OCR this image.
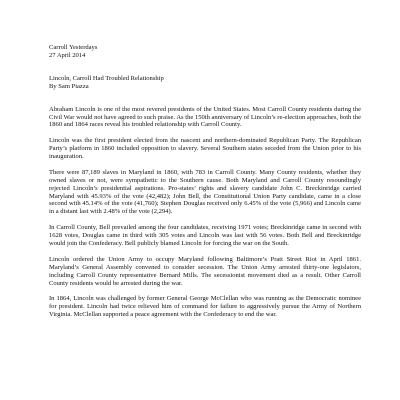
Carroll Yesterdays
27 April 2014
Lincoln, Carroll Had Troubled Relationship
By Sam Piazza
Abraham Lincoln is one of the most revered presidents of the United States. Most Carroll County residents during the Civil War would not have agreed to such praise. As the 150th anniversary of Lincoln’s re-election approaches, both the 1860 and 1864 races reveal his troubled relationship with Carroll County.
Lincoln was the first president elected from the nascent and northern-dominated Republican Party. The Republican Party’s platform in 1860 included opposition to slavery. Several Southern states seceded from the Union prior to his inauguration.
There were 87,189 slaves in Maryland in 1860, with 783 in Carroll County. Many County residents, whether they owned slaves or not, were sympathetic to the Southern cause. Both Maryland and Carroll County resoundingly rejected Lincoln’s presidential aspirations. Pro-states’ rights and slavery candidate John C. Breckinridge carried Maryland with 45.93% of the vote (42,482); John Bell, the Constitutional Union Party candidate, came in a close second with 45.14% of the vote (41,760); Stephen Douglas received only 6.45% of the vote (5,966) and Lincoln came in a distant last with 2.48% of the vote (2,294).
In Carroll County, Bell prevailed among the four candidates, receiving 1971 votes; Breckinridge came in second with 1628 votes, Douglas came in third with 305 votes and Lincoln was last with 56 votes. Both Bell and Breckinridge would join the Confederacy. Bell publicly blamed Lincoln for forcing the war on the South.
Lincoln ordered the Union Army to occupy Maryland following Baltimore’s Pratt Street Riot in April 1861. Maryland’s General Assembly convened to consider secession. The Union Army arrested thirty-one legislators, including Carroll County representative Bernard Mills. The secessionist movement died as a result. Other Carroll County residents would be arrested during the war.
In 1864, Lincoln was challenged by former General George McClellan who was running as the Democratic nominee for president. Lincoln had twice relieved him of command for failure to aggressively pursue the Army of Northern Virginia. McClellan supported a peace agreement with the Confederacy to end the war.
